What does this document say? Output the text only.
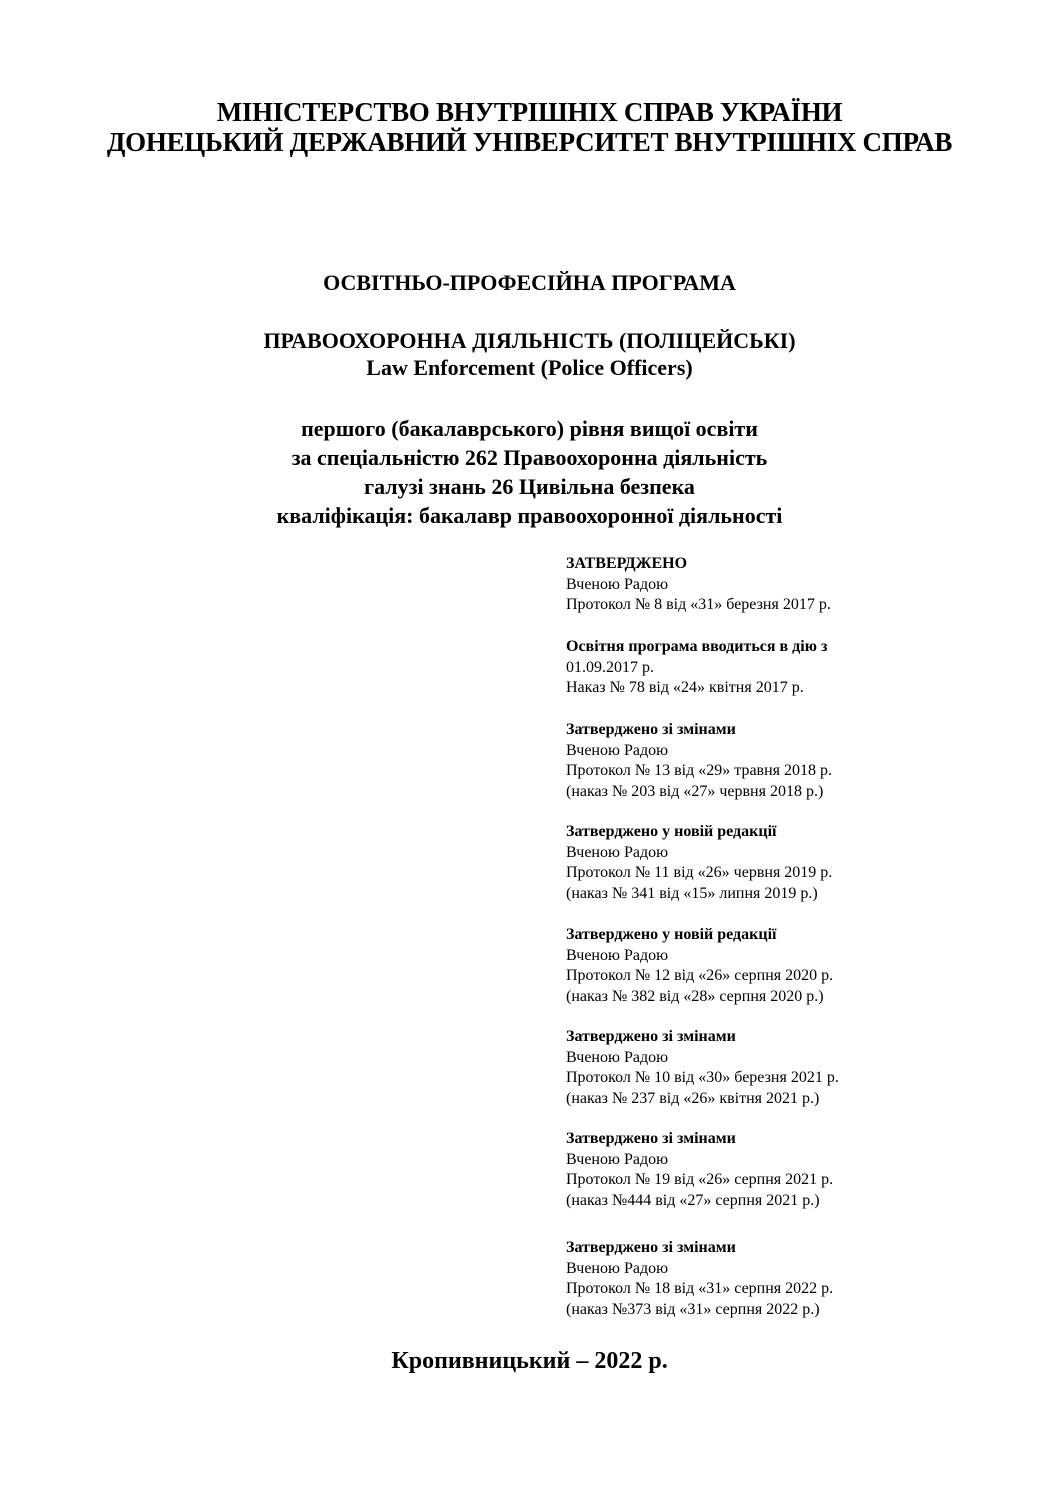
МІНІСТЕРСТВО ВНУТРІШНІХ СПРАВ УКРАЇНИ
ДОНЕЦЬКИЙ ДЕРЖАВНИЙ УНІВЕРСИТЕТ ВНУТРІШНІХ СПРАВ
ОСВІТНЬО-ПРОФЕСІЙНА ПРОГРАМА
ПРАВООХОРОННА ДІЯЛЬНІСТЬ (ПОЛІЦЕЙСЬКІ)
Law Enforcement (Police Officers)
першого (бакалаврського) рівня вищої освіти
за спеціальністю 262 Правоохоронна діяльність
галузі знань 26 Цивільна безпека
кваліфікація: бакалавр правоохоронної діяльності
ЗАТВЕРДЖЕНО
Вченою Радою
Протокол № 8 від «31» березня 2017 р.
Освітня програма вводиться в дію з
01.09.2017 р.
Наказ № 78 від «24» квітня 2017 р.
Затверджено зі змінами
Вченою Радою
Протокол № 13 від «29» травня 2018 р.
(наказ № 203 від «27» червня 2018 р.)
Затверджено у новій редакції
Вченою Радою
Протокол № 11 від «26» червня 2019 р.
(наказ № 341 від «15» липня 2019 р.)
Затверджено у новій редакції
Вченою Радою
Протокол № 12 від «26» серпня 2020 р.
(наказ № 382 від «28» серпня 2020 р.)
Затверджено зі змінами
Вченою Радою
Протокол № 10 від «30» березня 2021 р.
(наказ № 237 від «26» квітня 2021 р.)
Затверджено зі змінами
Вченою Радою
Протокол № 19 від «26» серпня 2021 р.
(наказ №444 від «27» серпня 2021 р.)
Затверджено зі змінами
Вченою Радою
Протокол № 18 від «31» серпня 2022 р.
(наказ №373 від «31» серпня 2022 р.)
Кропивницький – 2022 р.
